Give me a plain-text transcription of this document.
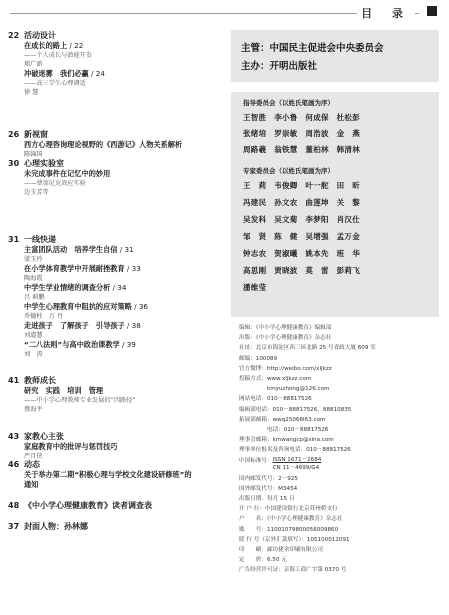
目 录
22 活动设计
在成长的路上 / 22
——个人成长与潜能开发
郑广新
冲破迷雾　我们必赢 / 24
——高三学生心理调适
徐 慧
26 新视窗
西方心理咨询理论视野的《西游记》人物关系解析
陈锦国
30 心理实验室
未完成事件在记忆中的妙用
——蔡加尼克效应实验
边玉芳等
31 一线快递
主富团队活动　培养学生自信 / 31
梁玉玲
在小学体育教学中开展耐挫教育 / 33
陶海霞
中学生学业情绪的调查分析 / 34
吕 莉鹏
中学生心理教育中阻抗的应对策略 / 36
乔德柱　万 丹
走进孩子　了解孩子　引导孩子 / 38
刘道慧
“二八法则”与高中政治课教学 / 39
刘　涛
41 教师成长
研究　实践　培训　管理
——中小学心理教师专业发展的“四路径”
蔡海平
43 家教心主张
家庭教育中的批评与惩罚技巧
严月侠
46 动态
关于举办第二期“积极心理与学校文化建设研修班”的
通知
48 《中小学心理健康教育》读者调查表
37 封面人物：孙林娜
主管：中国民主促进会中央委员会
主办：开明出版社
指导委员会（以姓氏笔画为序）
专家委员会（以姓氏笔画为序）
王智胜　李小鲁　何成保　杜松彭
张绪培　罗崇敏　周浩波　金　燕
周路羲　翁铁慧　董柏林　韩清林
王　莉　韦俊卿　叶一舵　田　昕
冯建民　孙文农　曲莲坤　关　黎
吴发科　吴文菊　李梦阳　肖汉仕
邹　贤　陈　健　吴增强　孟万金
钟志农　贺淑曦　姚本先　班　华
高思刚　贾晓波　莫　雷　彭莉飞
潘维莹
编辑：《中小学心理健康教育》编辑部
出版：《中小学心理健康教育》杂志社
社址：北京市海淀区西三环北路 25 号青政大厦 609 室
邮编：100089
官方微博：http://weibo.com/xljkzz
投稿方式：www.xljkzz.com
　　　　　kmyuzhong@126.com
网站电话：010－88817526
编辑部电话：010－88817526，88810835
拓展部邮箱：wwq25066l63.com
　　　　　电话：010－88817526
理事会邮箱：kmwangcp@sina.com
理事单位报名及咨询电话：010－88817526
中国标准号： ISSN 1671－2684
CN 11－4699/G4
国内邮发代号：2－925
国外邮发代号：M3454
出版日期：每月 15 日
开 户 行：中国建设银行北京苏州桥支行
户　　名：《中小学心理健康教育》杂志社
账　　号：11001079800056009860
联 行 号（京外汇款填写）：105100012091
印　　刷：廊坊捷余印刷有限公司
定　　价：6.50 元
广告经营许可证：京海工商广字第 0370 号
